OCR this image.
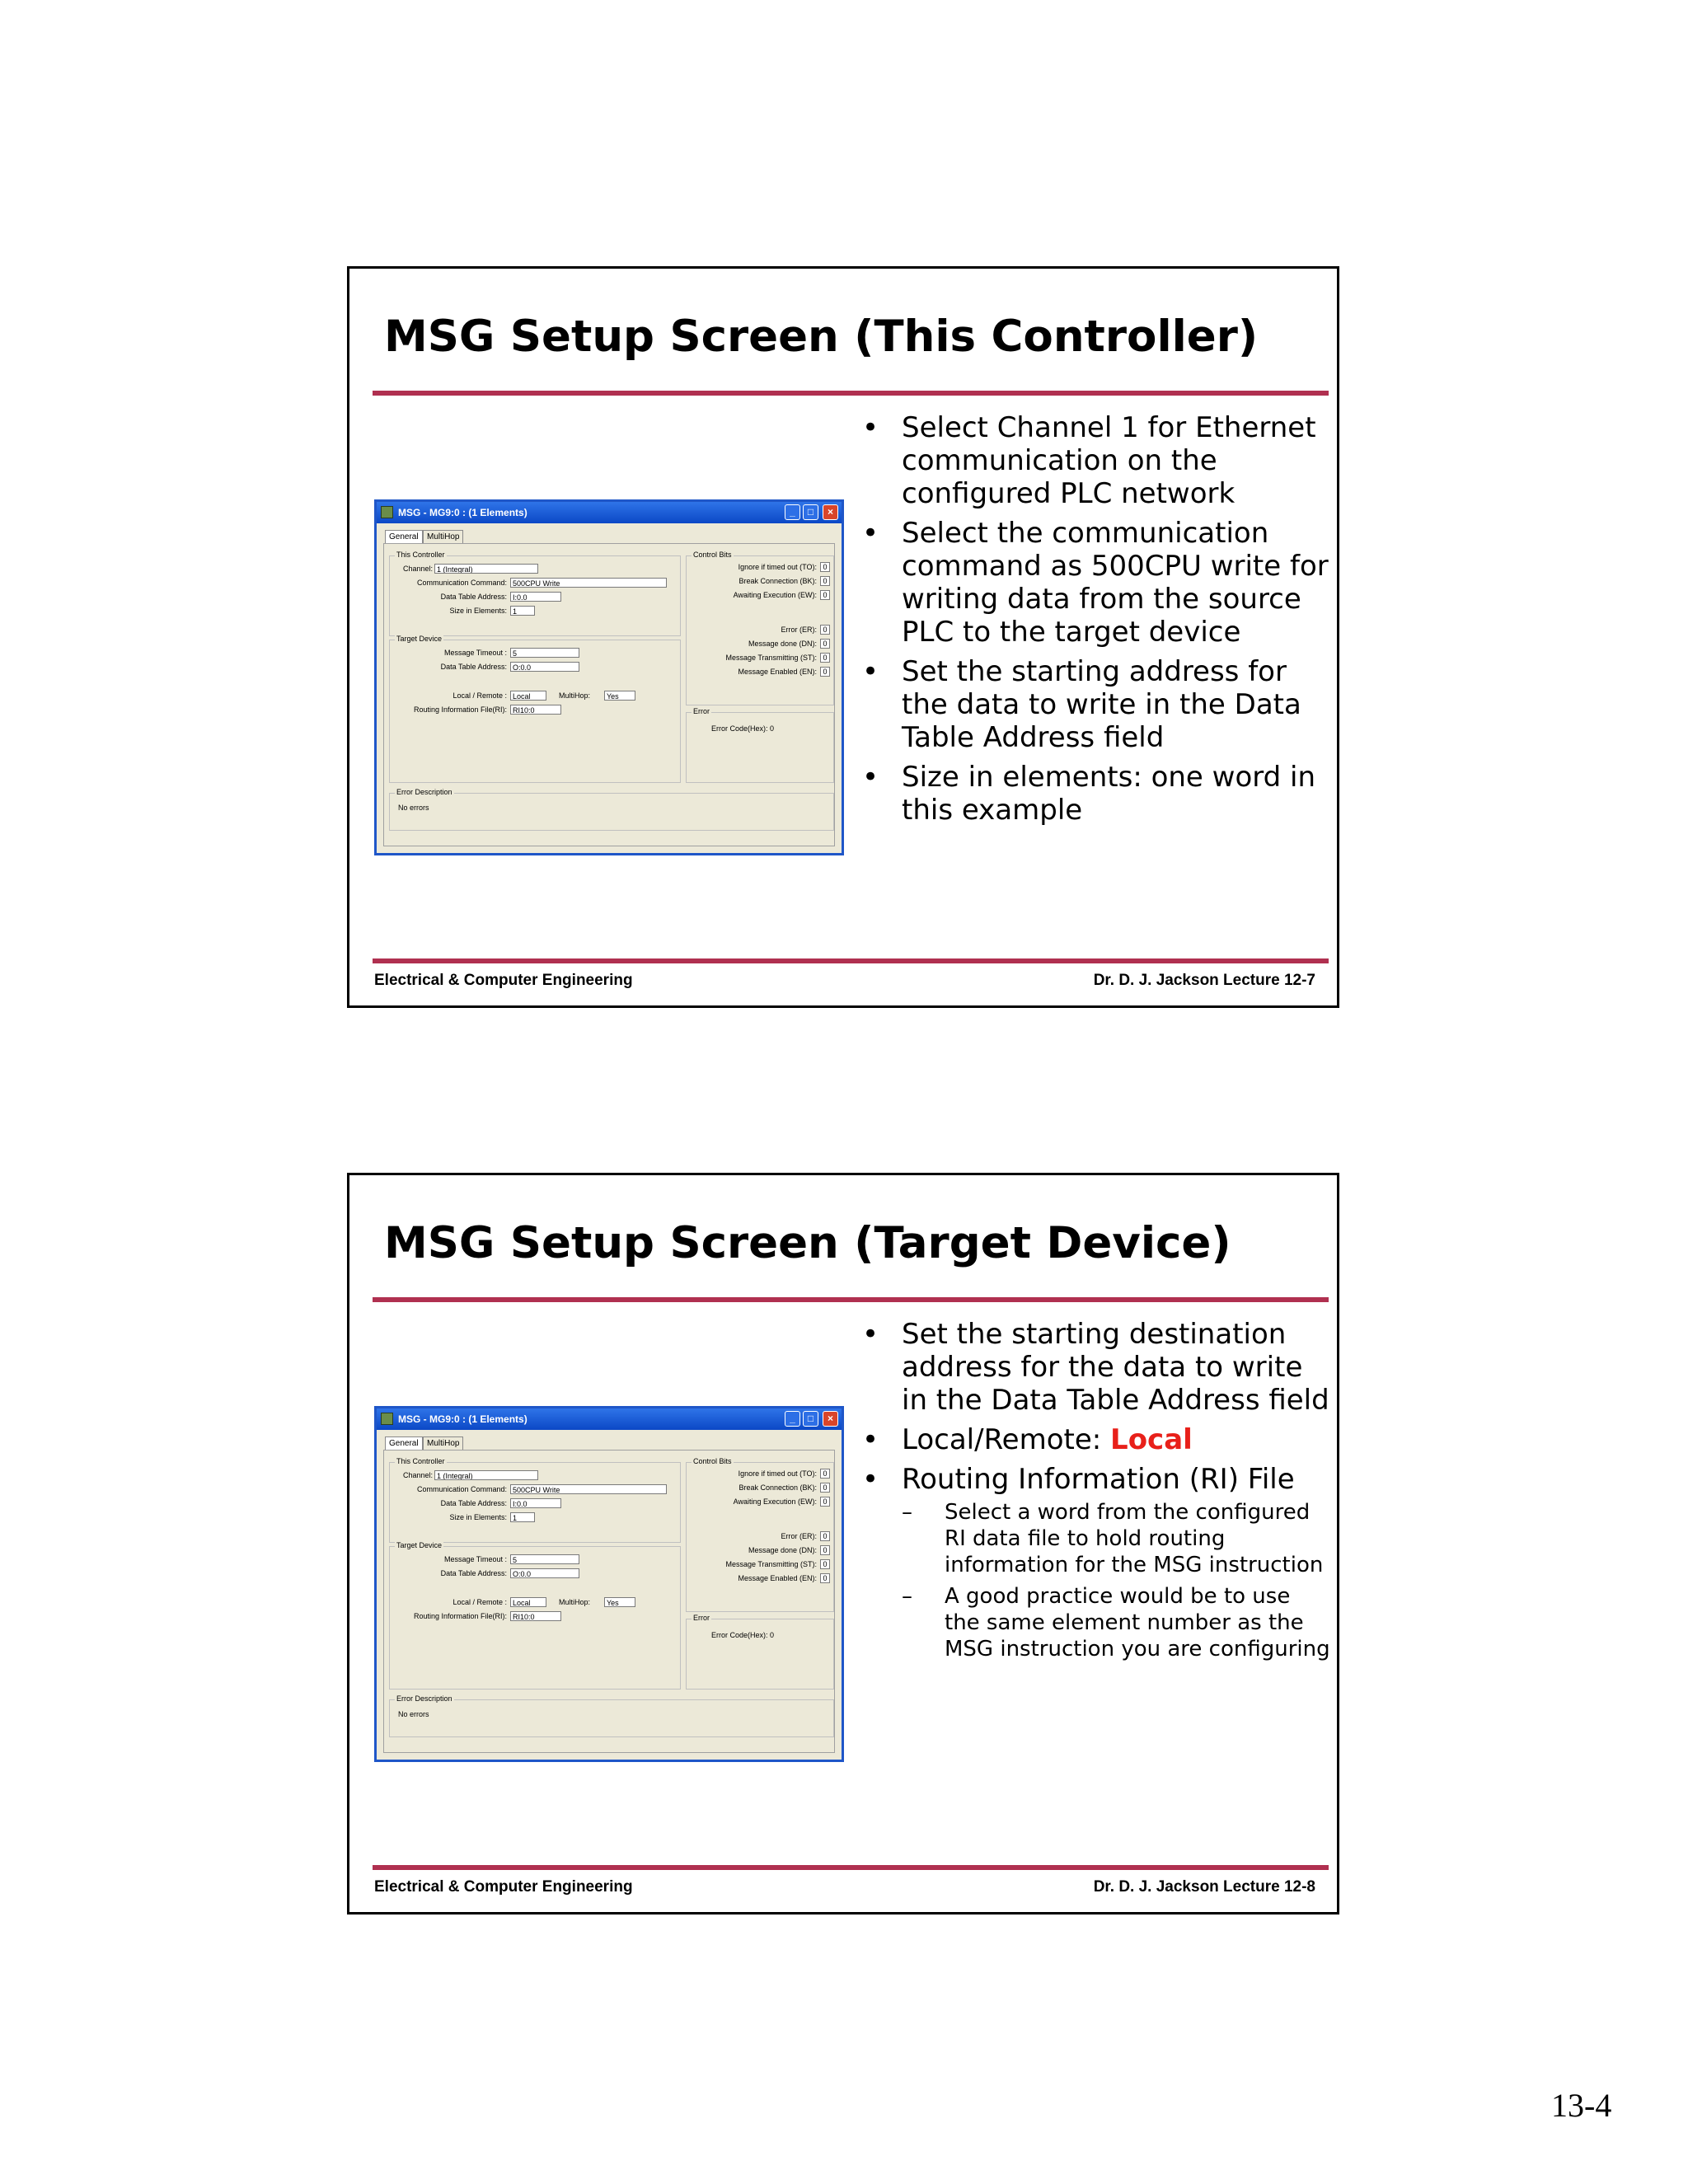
MSG Setup Screen (This Controller)
MSG - MG9:0 : (1 Elements)	_	□	×
General	MultiHop
This Controller
Channel: 1 (Integral)
Communication Command: 500CPU Write
Data Table Address: I:0.0
Size in Elements: 1
Target Device
Message Timeout : 5
Data Table Address: O:0.0
Local / Remote : Local	MultiHop:	Yes
Routing Information File(RI): RI10:0
Control Bits
Ignore if timed out (TO): 0
Break Connection (BK): 0
Awaiting Execution (EW): 0
Error (ER): 0
Message done (DN): 0
Message Transmitting (ST): 0
Message Enabled (EN): 0
Error
Error Code(Hex): 0
Error Description
No errors
• Select Channel 1 for Ethernet communication on the configured PLC network
• Select the communication command as 500CPU write for writing data from the source PLC to the target device
• Set the starting address for the data to write in the Data Table Address field
• Size in elements: one word in this example
Electrical & Computer Engineering	Dr. D. J. Jackson Lecture 12-7
MSG Setup Screen (Target Device)
MSG - MG9:0 : (1 Elements)	_	□	×
General	MultiHop
This Controller
Channel: 1 (Integral)
Communication Command: 500CPU Write
Data Table Address: I:0.0
Size in Elements: 1
Target Device
Message Timeout : 5
Data Table Address: O:0.0
Local / Remote : Local	MultiHop:	Yes
Routing Information File(RI): RI10:0
Control Bits
Ignore if timed out (TO): 0
Break Connection (BK): 0
Awaiting Execution (EW): 0
Error (ER): 0
Message done (DN): 0
Message Transmitting (ST): 0
Message Enabled (EN): 0
Error
Error Code(Hex): 0
Error Description
No errors
• Set the starting destination address for the data to write in the Data Table Address field
• Local/Remote: Local
• Routing Information (RI) File
– Select a word from the configured RI data file to hold routing information for the MSG instruction
– A good practice would be to use the same element number as the MSG instruction you are configuring
Electrical & Computer Engineering	Dr. D. J. Jackson Lecture 12-8
13-4
